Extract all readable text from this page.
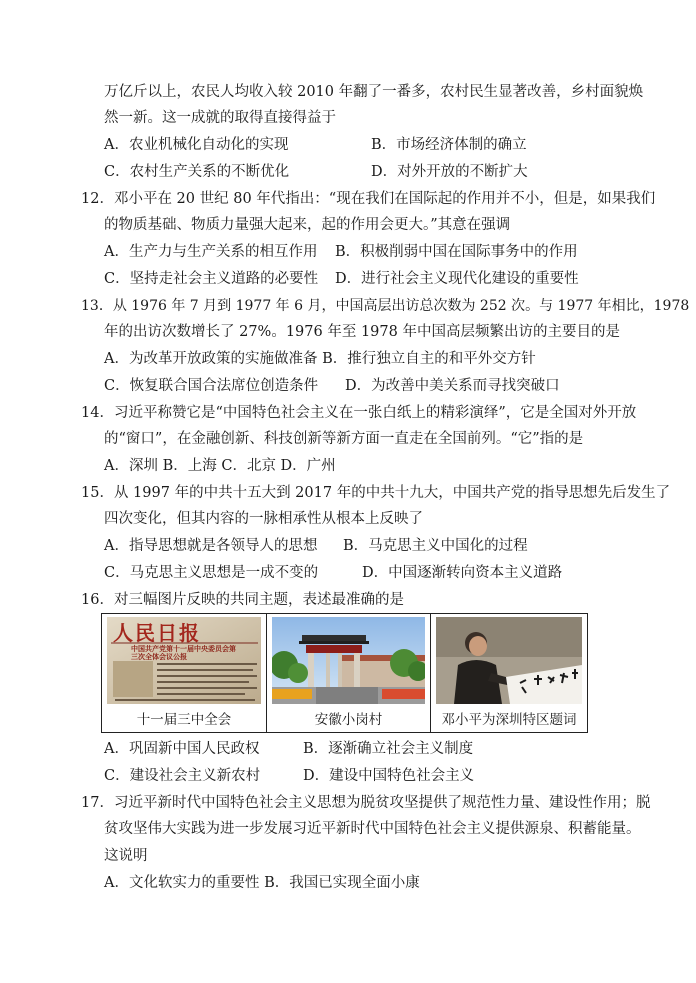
万亿斤以上，农民人均收入较 2010 年翻了一番多，农村民生显著改善，乡村面貌焕
然一新。这一成就的取得直接得益于
A．农业机械化自动化的实现	B．市场经济体制的确立
C．农村生产关系的不断优化	D．对外开放的不断扩大
12．邓小平在 20 世纪 80 年代指出：“现在我们在国际起的作用并不小，但是，如果我们
的物质基础、物质力量强大起来，起的作用会更大。”其意在强调
A．生产力与生产关系的相互作用 B．积极削弱中国在国际事务中的作用
C．坚持走社会主义道路的必要性 D．进行社会主义现代化建设的重要性
13．从 1976 年 7 月到 1977 年 6 月，中国高层出访总次数为 252 次。与 1977 年相比，1978
年的出访次数增长了 27%。1976 年至 1978 年中国高层频繁出访的主要目的是
A．为改革开放政策的实施做准备 B．推行独立自主的和平外交方针
C．恢复联合国合法席位创造条件 D．为改善中美关系而寻找突破口
14．习近平称赞它是“中国特色社会主义在一张白纸上的精彩演绎”，它是全国对外开放
的“窗口”，在金融创新、科技创新等新方面一直走在全国前列。“它”指的是
A．深圳 B．上海 C．北京 D．广州
15．从 1997 年的中共十五大到 2017 年的中共十九大，中国共产党的指导思想先后发生了
四次变化，但其内容的一脉相承性从根本上反映了
A．指导思想就是各领导人的思想 B．马克思主义中国化的过程
C．马克思主义思想是一成不变的	D．中国逐渐转向资本主义道路
16．对三幅图片反映的共同主题，表述最准确的是
人民日报
中国共产党第十一届中央委员会第三次全体会议公报
十一届三中全会	安徽小岗村	邓小平为深圳特区题词
A．巩固新中国人民政权	B．逐渐确立社会主义制度
C．建设社会主义新农村	D．建设中国特色社会主义
17．习近平新时代中国特色社会主义思想为脱贫攻坚提供了规范性力量、建设性作用；脱
贫攻坚伟大实践为进一步发展习近平新时代中国特色社会主义提供源泉、积蓄能量。
这说明
A．文化软实力的重要性 B．我国已实现全面小康
